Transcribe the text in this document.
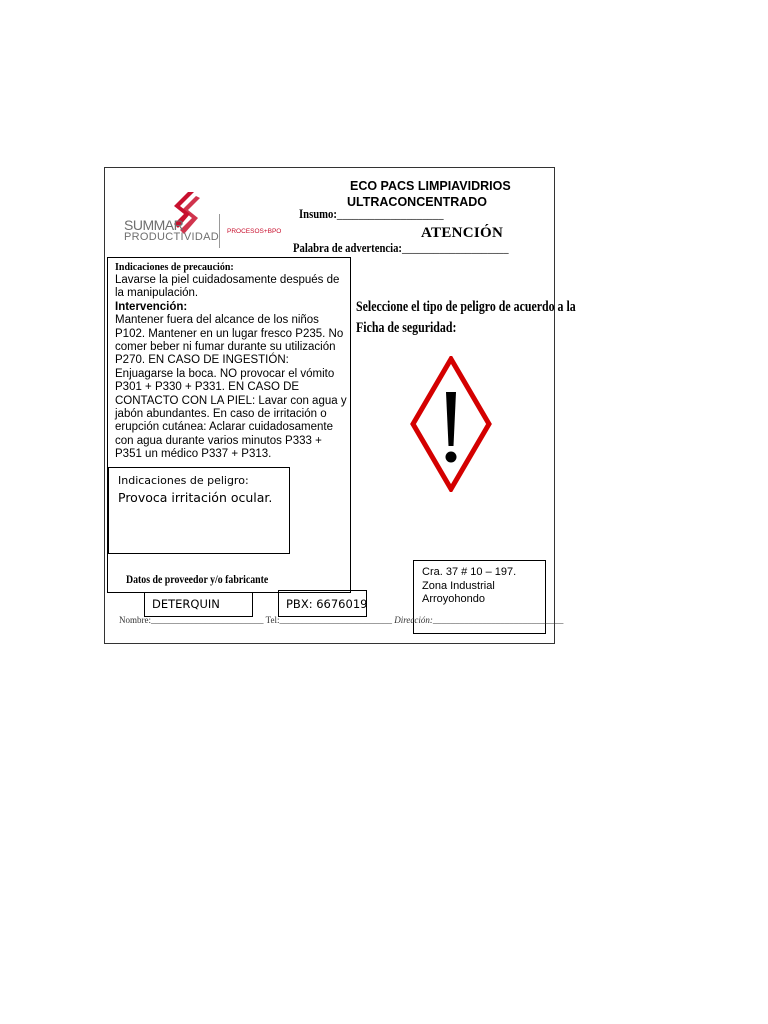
SUMMAR
PRODUCTIVIDAD PROCESOS+BPO
ECO PACS LIMPIAVIDRIOS
ULTRACONCENTRADO
Insumo:____________________
ATENCIÓN
Palabra de advertencia:____________________
Indicaciones de precaución:
Lavarse la piel cuidadosamente después de la manipulación.
Intervención:
Mantener fuera del alcance de los niños P102. Mantener en un lugar fresco P235. No comer beber ni fumar durante su utilización P270. EN CASO DE INGESTIÓN: Enjuagarse la boca. NO provocar el vómito P301 + P330 + P331. EN CASO DE CONTACTO CON LA PIEL: Lavar con agua y jabón abundantes. En caso de irritación o erupción cutánea: Aclarar cuidadosamente con agua durante varios minutos P333 + P351 un médico P337 + P313.
Indicaciones de peligro:
Provoca irritación ocular.
Seleccione el tipo de peligro de acuerdo a la
Ficha de seguridad:
Datos de proveedor y/o fabricante
DETERQUIN	PBX: 6676019
Cra. 37 # 10 – 197.
Zona Industrial
Arroyohondo
Nombre:_________________________ Tel:_________________________ Dirección:_____________________________
